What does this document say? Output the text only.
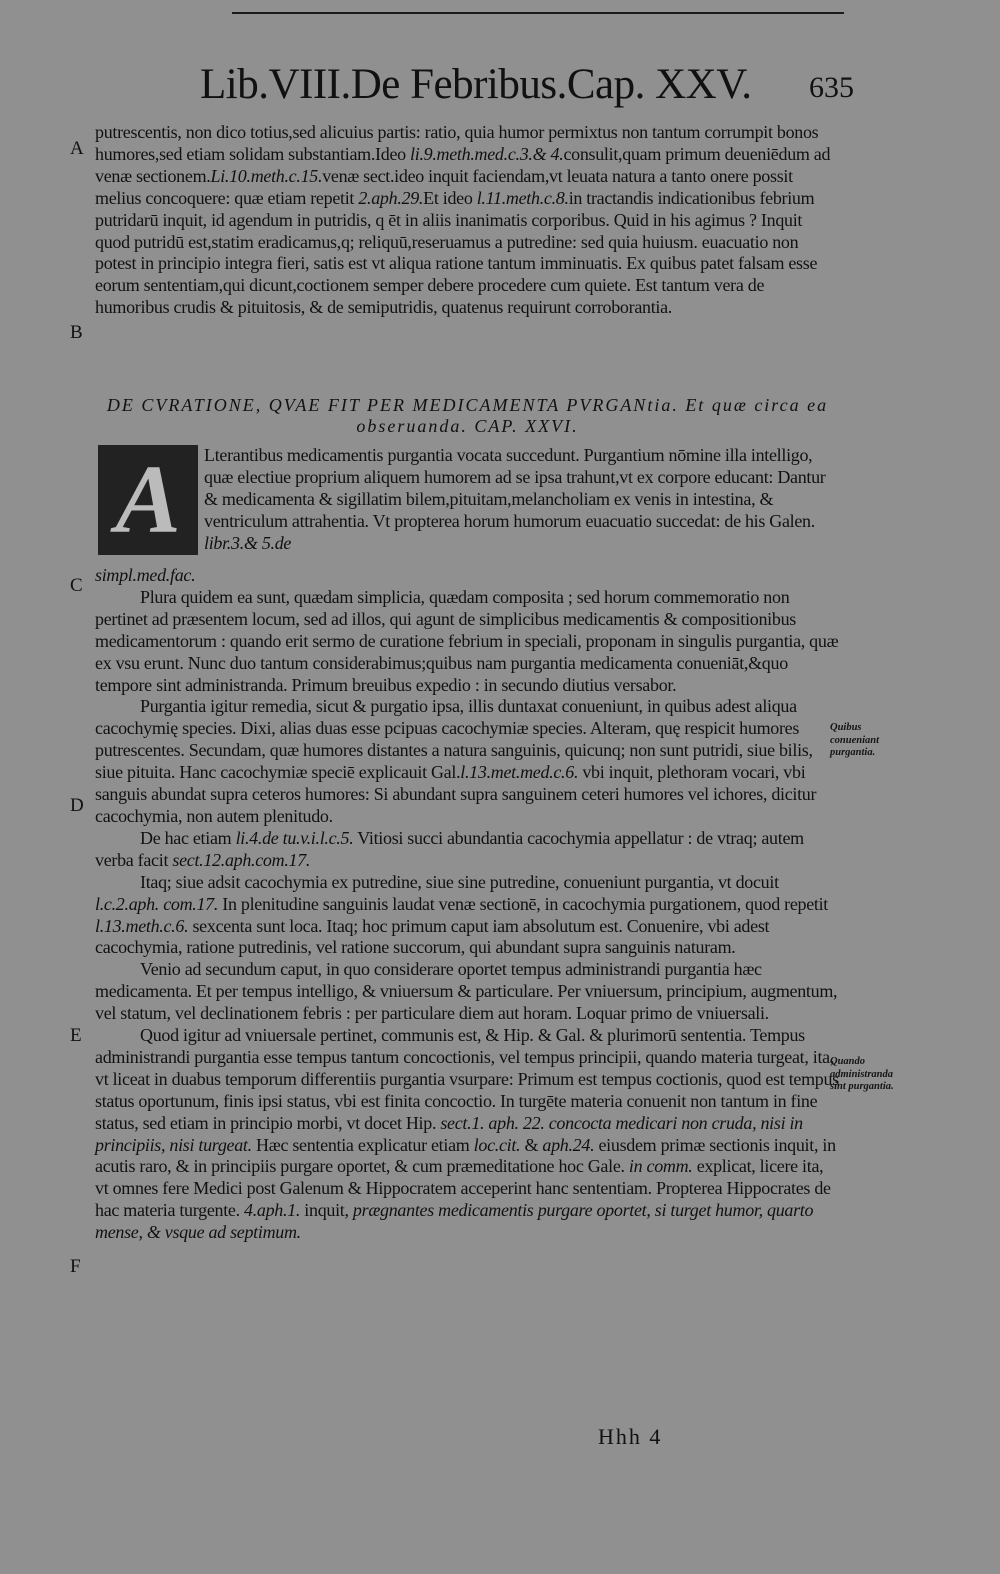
Lib.VIII.De Febribus.Cap. XXV. 635
A
B
C
D
E
F

putrescentis, non dico totius,sed alicuius partis: ratio, quia humor permixtus non tantum corrumpit bonos humores,sed etiam solidam substantiam.Ideo li.9.meth.med.c.3.& 4.consulit,quam primum deueniēdum ad venæ sectionem.Li.10.meth.c.15.venæ sect.ideo inquit faciendam,vt leuata natura a tanto onere possit melius concoquere: quæ etiam repetit 2.aph.29.Et ideo l.11.meth.c.8.in tractandis indicationibus febrium putridarū inquit, id agendum in putridis, q ēt in aliis inanimatis corporibus. Quid in his agimus ? Inquit quod putridū est,statim eradicamus,q; reliquū,reseruamus a putredine: sed quia huiusm. euacuatio non potest in principio integra fieri, satis est vt aliqua ratione tantum imminuatis. Ex quibus patet falsam esse eorum sententiam,qui dicunt,coctionem semper debere procedere cum quiete. Est tantum vera de humoribus crudis & pituitosis, & de semiputridis, quatenus requirunt corroborantia.

DE CVRATIONE, QVAE FIT PER MEDICAMENTA PVRGANtia. Et quæ circa ea obseruanda. CAP. XXVI.
A	Lterantibus medicamentis purgantia vocata succedunt. Purgantium nōmine illa intelligo, quæ electiue proprium aliquem humorem ad se ipsa trahunt,vt ex corpore educant: Dantur & medicamenta & sigillatim bilem,pituitam,melancholiam ex venis in intestina, & ventriculum attrahentia. Vt propterea horum humorum euacuatio succedat: de his Galen. libr.3.& 5.de

simpl.med.fac.

Plura quidem ea sunt, quædam simplicia, quædam composita ; sed horum commemoratio non pertinet ad præsentem locum, sed ad illos, qui agunt de simplicibus medicamentis & compositionibus medicamentorum : quando erit sermo de curatione febrium in speciali, proponam in singulis purgantia, quæ ex vsu erunt. Nunc duo tantum considerabimus;quibus nam purgantia medicamenta conueniāt,&quo tempore sint administranda. Primum breuibus expedio : in secundo diutius versabor.

Purgantia igitur remedia, sicut & purgatio ipsa, illis duntaxat conueniunt, in quibus adest aliqua cacochymię species. Dixi, alias duas esse pcipuas cacochymiæ species. Alteram, quę respicit humores putrescentes. Secundam, quæ humores distantes a natura sanguinis, quicunq; non sunt putridi, siue bilis, siue pituita. Hanc cacochymiæ speciē explicauit Gal.l.13.met.med.c.6. vbi inquit, plethoram vocari, vbi sanguis abundat supra ceteros humores: Si abundant supra sanguinem ceteri humores vel ichores, dicitur cacochymia, non autem plenitudo.

De hac etiam li.4.de tu.v.i.l.c.5. Vitiosi succi abundantia cacochymia appellatur : de vtraq; autem verba facit sect.12.aph.com.17.

Itaq; siue adsit cacochymia ex putredine, siue sine putredine, conueniunt purgantia, vt docuit l.c.2.aph. com.17. In plenitudine sanguinis laudat venæ sectionē, in cacochymia purgationem, quod repetit l.13.meth.c.6. sexcenta sunt loca. Itaq; hoc primum caput iam absolutum est. Conuenire, vbi adest cacochymia, ratione putredinis, vel ratione succorum, qui abundant supra sanguinis naturam.

Venio ad secundum caput, in quo considerare oportet tempus administrandi purgantia hæc medicamenta. Et per tempus intelligo, & vniuersum & particulare. Per vniuersum, principium, augmentum, vel statum, vel declinationem febris : per particulare diem aut horam. Loquar primo de vniuersali.

Quod igitur ad vniuersale pertinet, communis est, & Hip. & Gal. & plurimorū sententia. Tempus administrandi purgantia esse tempus tantum concoctionis, vel tempus principii, quando materia turgeat, ita, vt liceat in duabus temporum differentiis purgantia vsurpare: Primum est tempus coctionis, quod est tempus status oportunum, finis ipsi status, vbi est finita concoctio. In turgēte materia conuenit non tantum in fine status, sed etiam in principio morbi, vt docet Hip. sect.1. aph. 22. concocta medicari non cruda, nisi in principiis, nisi turgeat. Hæc sententia explicatur etiam loc.cit. & aph.24. eiusdem primæ sectionis inquit, in acutis raro, & in principiis purgare oportet, & cum præmeditatione hoc Gale. in comm. explicat, licere ita, vt omnes fere Medici post Galenum & Hippocratem acceperint hanc sententiam. Propterea Hippocrates de hac materia turgente. 4.aph.1. inquit, prægnantes medicamentis purgare oportet, si turget humor, quarto mense, & vsque ad septimum.

Quibus conueniant purgantia.
Quando administranda sint purgantia.
Hhh 4
